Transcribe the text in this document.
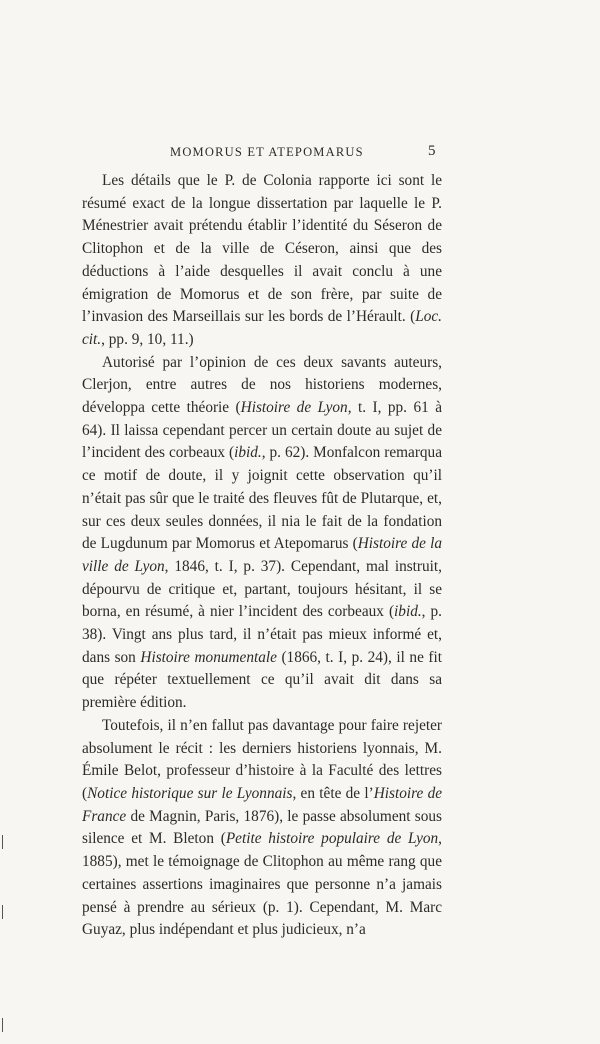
MOMORUS ET ATEPOMARUS	5

Les détails que le P. de Colonia rapporte ici sont le résumé exact de la longue dissertation par laquelle le P. Ménestrier avait prétendu établir l’identité du Séseron de Clitophon et de la ville de Céseron, ainsi que des déductions à l’aide desquelles il avait conclu à une émigration de Momorus et de son frère, par suite de l’invasion des Marseillais sur les bords de l’Hérault. (Loc. cit., pp. 9, 10, 11.)

Autorisé par l’opinion de ces deux savants auteurs, Clerjon, entre autres de nos historiens modernes, développa cette théorie (Histoire de Lyon, t. I, pp. 61 à 64). Il laissa cependant percer un certain doute au sujet de l’incident des corbeaux (ibid., p. 62). Monfalcon remarqua ce motif de doute, il y joignit cette observation qu’il n’était pas sûr que le traité des fleuves fût de Plutarque, et, sur ces deux seules données, il nia le fait de la fondation de Lugdunum par Momorus et Atepomarus (Histoire de la ville de Lyon, 1846, t. I, p. 37). Cependant, mal instruit, dépourvu de critique et, partant, toujours hésitant, il se borna, en résumé, à nier l’incident des corbeaux (ibid., p. 38). Vingt ans plus tard, il n’était pas mieux informé et, dans son Histoire monumentale (1866, t. I, p. 24), il ne fit que répéter textuellement ce qu’il avait dit dans sa première édition.

Toutefois, il n’en fallut pas davantage pour faire rejeter absolument le récit : les derniers historiens lyonnais, M. Émile Belot, professeur d’histoire à la Faculté des lettres (Notice historique sur le Lyonnais, en tête de l’Histoire de France de Magnin, Paris, 1876), le passe absolument sous silence et M. Bleton (Petite histoire populaire de Lyon, 1885), met le témoignage de Clitophon au même rang que certaines assertions imaginaires que personne n’a jamais pensé à prendre au sérieux (p. 1). Cependant, M. Marc Guyaz, plus indépendant et plus judicieux, n’a
